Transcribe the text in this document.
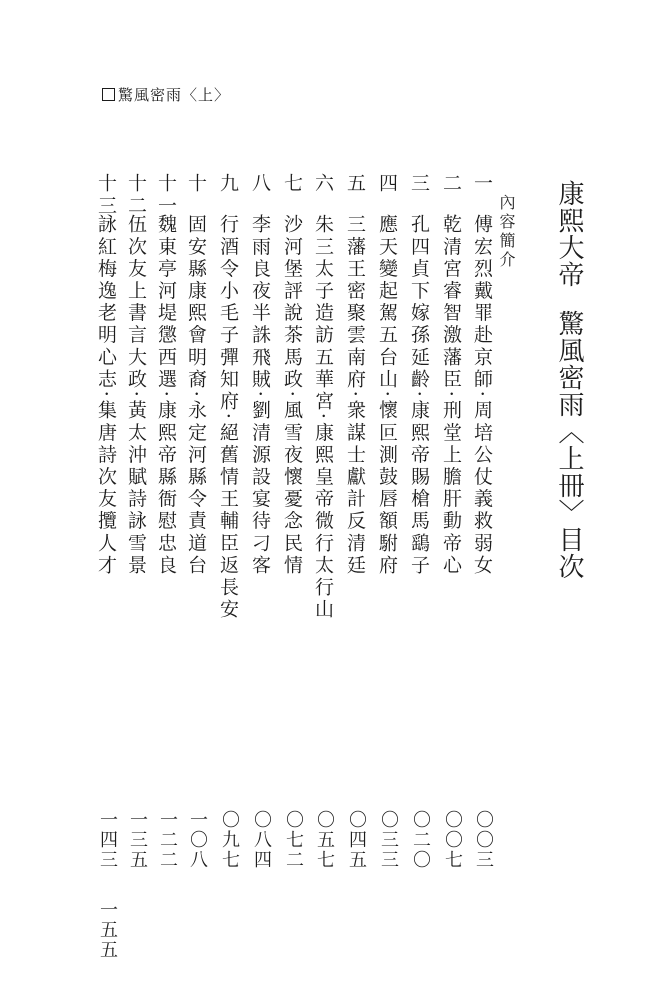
驚風密雨〈上〉
康熙大帝驚風密雨〈上冊〉目次
內容簡介
一
傅宏烈戴罪赴京師·周培公仗義救弱女
〇〇三
二
乾清宮睿智激藩臣·刑堂上膽肝動帝心
〇〇七
三
孔四貞下嫁孫延齡·康熙帝賜槍馬鷂子
〇二〇
四
應天變起駕五台山·懷叵測鼓唇額駙府
〇三三
五
三藩王密聚雲南府·衆謀士獻計反清廷
〇四五
六
朱三太子造訪五華宮·康熙皇帝微行太行山
〇五七
七
沙河堡評說茶馬政·風雪夜懷憂念民情
〇七二
八
李雨良夜半誅飛賊·劉清源設宴待刁客
〇八四
九
行酒令小毛子彈知府·絕舊情王輔臣返長安
〇九七
十
固安縣康熙會明裔·永定河縣令責道台
一〇八
十一
魏東亭河堤懲西選·康熙帝縣衙慰忠良
一二二
十二
伍次友上書言大政·黃太沖賦詩詠雪景
一三五
十三
詠紅梅逸老明心志·集唐詩次友攬人才
一四三
一五五
